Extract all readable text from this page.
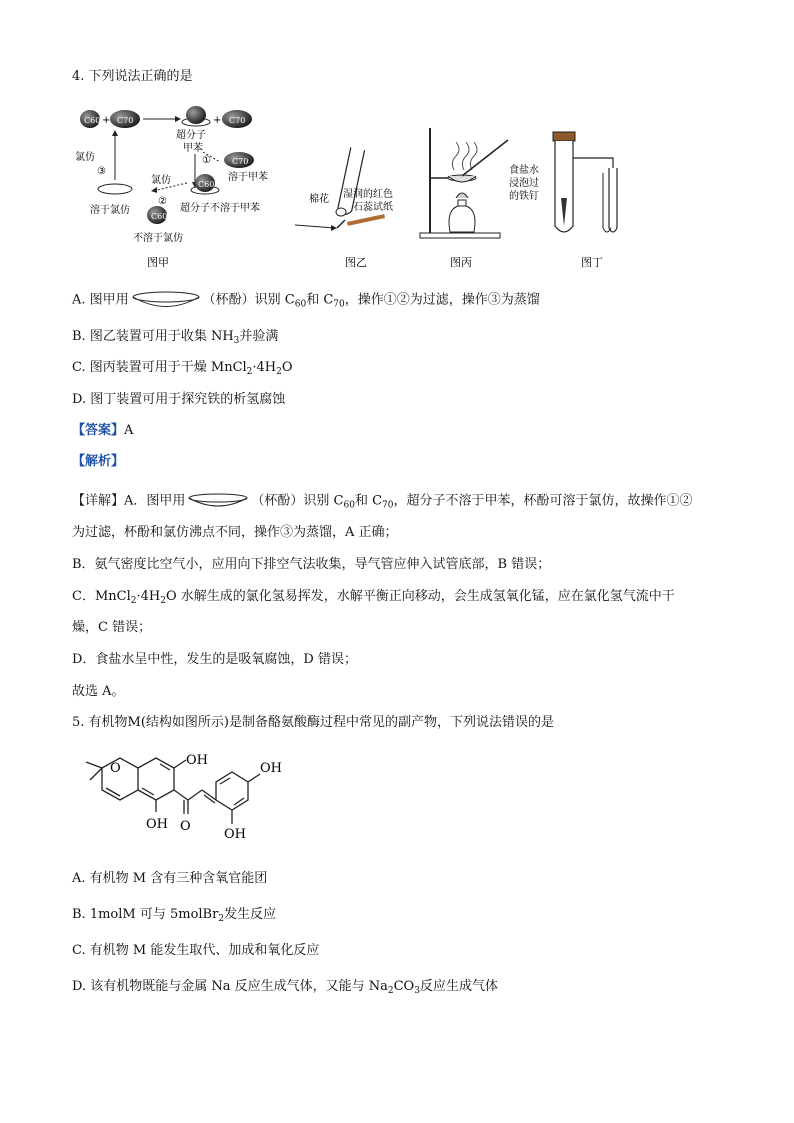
4. 下列说法正确的是
C60 + C70	+ C70
超分子
甲苯
①	C70
溶于甲苯
C60
超分子不溶于甲苯
氯仿
②
溶于氯仿
C60
不溶于氯仿
氯仿
③
图甲
棉花 湿润的红色
石蕊试纸
图乙	图丙
食盐水
浸泡过
的铁钉
图丁
A. 图甲用	（杯酚）识别 $C_{60}$和 $C_{70}$，操作①②为过滤，操作③为蒸馏
B. 图乙装置可用于收集 $NH_3$并验满
C. 图丙装置可用于干燥 $MnCl_2\cdot 4H_2O$
D. 图丁装置可用于探究铁的析氢腐蚀
【答案】A
【解析】
【详解】A．图甲用	（杯酚）识别 $C_{60}$和 $C_{70}$，超分子不溶于甲苯，杯酚可溶于氯仿，故操作①②
为过滤，杯酚和氯仿沸点不同，操作③为蒸馏，A 正确；
B．氨气密度比空气小，应用向下排空气法收集，导气管应伸入试管底部，B 错误；
C．$MnCl_2\cdot 4H_2O$ 水解生成的氯化氢易挥发，水解平衡正向移动，会生成氢氧化锰，应在氯化氢气流中干
燥，C 错误；
D．食盐水呈中性，发生的是吸氧腐蚀，D 错误；
故选 A。
5. 有机物M(结构如图所示)是制备酪氨酸酶过程中常见的副产物，下列说法错误的是
O
OH
OH O
OH
OH
A. 有机物 M 含有三种含氧官能团
B. 1molM 可与 5molBr$_2$发生反应
C. 有机物 M 能发生取代、加成和氧化反应
D. 该有机物既能与金属 Na 反应生成气体，又能与 $Na_2CO_3$反应生成气体
